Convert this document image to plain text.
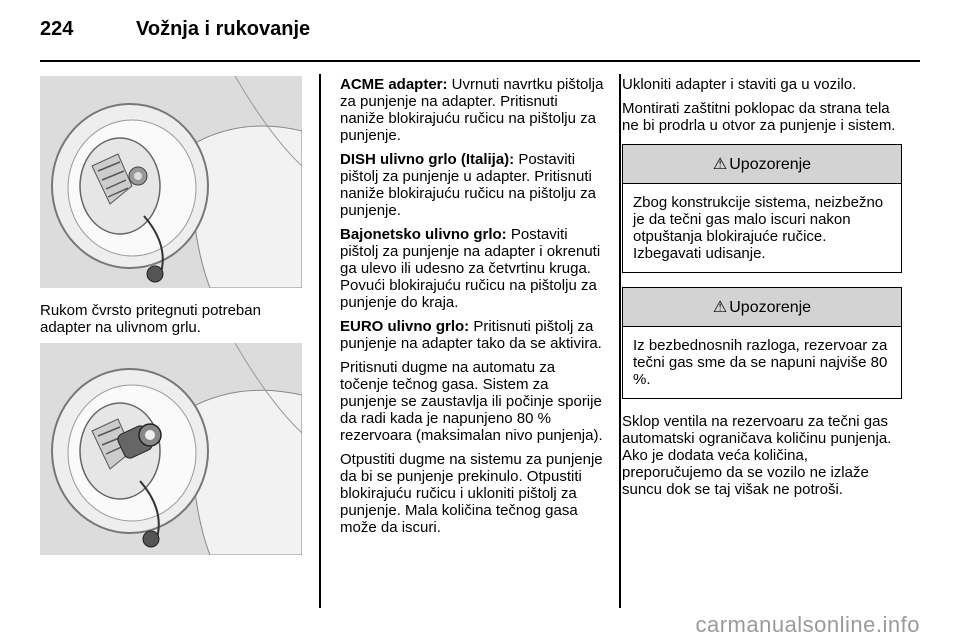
224	Vožnja i rukovanje

Rukom čvrsto pritegnuti potreban adapter na ulivnom grlu.

ACME adapter: Uvrnuti navrtku pištolja za punjenje na adapter. Pritisnuti naniže blokirajuću ručicu na pištolju za punjenje.

DISH ulivno grlo (Italija): Postaviti pištolj za punjenje u adapter. Pritisnuti naniže blokirajuću ručicu na pištolju za punjenje.

Bajonetsko ulivno grlo: Postaviti pištolj za punjenje na adapter i okrenuti ga ulevo ili udesno za četvrtinu kruga. Povući blokirajuću ručicu na pištolju za punjenje do kraja.

EURO ulivno grlo: Pritisnuti pištolj za punjenje na adapter tako da se aktivira.

Pritisnuti dugme na automatu za točenje tečnog gasa. Sistem za punjenje se zaustavlja ili počinje sporije da radi kada je napunjeno 80 % rezervoara (maksimalan nivo punjenja).

Otpustiti dugme na sistemu za punjenje da bi se punjenje prekinulo. Otpustiti blokirajuću ručicu i ukloniti pištolj za punjenje. Mala količina tečnog gasa može da iscuri.

Ukloniti adapter i staviti ga u vozilo.

Montirati zaštitni poklopac da strana tela ne bi prodrla u otvor za punjenje i sistem.

⚠ Upozorenje
Zbog konstrukcije sistema, neizbežno je da tečni gas malo iscuri nakon otpuštanja blokirajuće ručice. Izbegavati udisanje.
⚠ Upozorenje
Iz bezbednosnih razloga, rezervoar za tečni gas sme da se napuni najviše 80 %.

Sklop ventila na rezervoaru za tečni gas automatski ograničava količinu punjenja. Ako je dodata veća količina, preporučujemo da se vozilo ne izlaže suncu dok se taj višak ne potroši.

carmanualsonline.info
